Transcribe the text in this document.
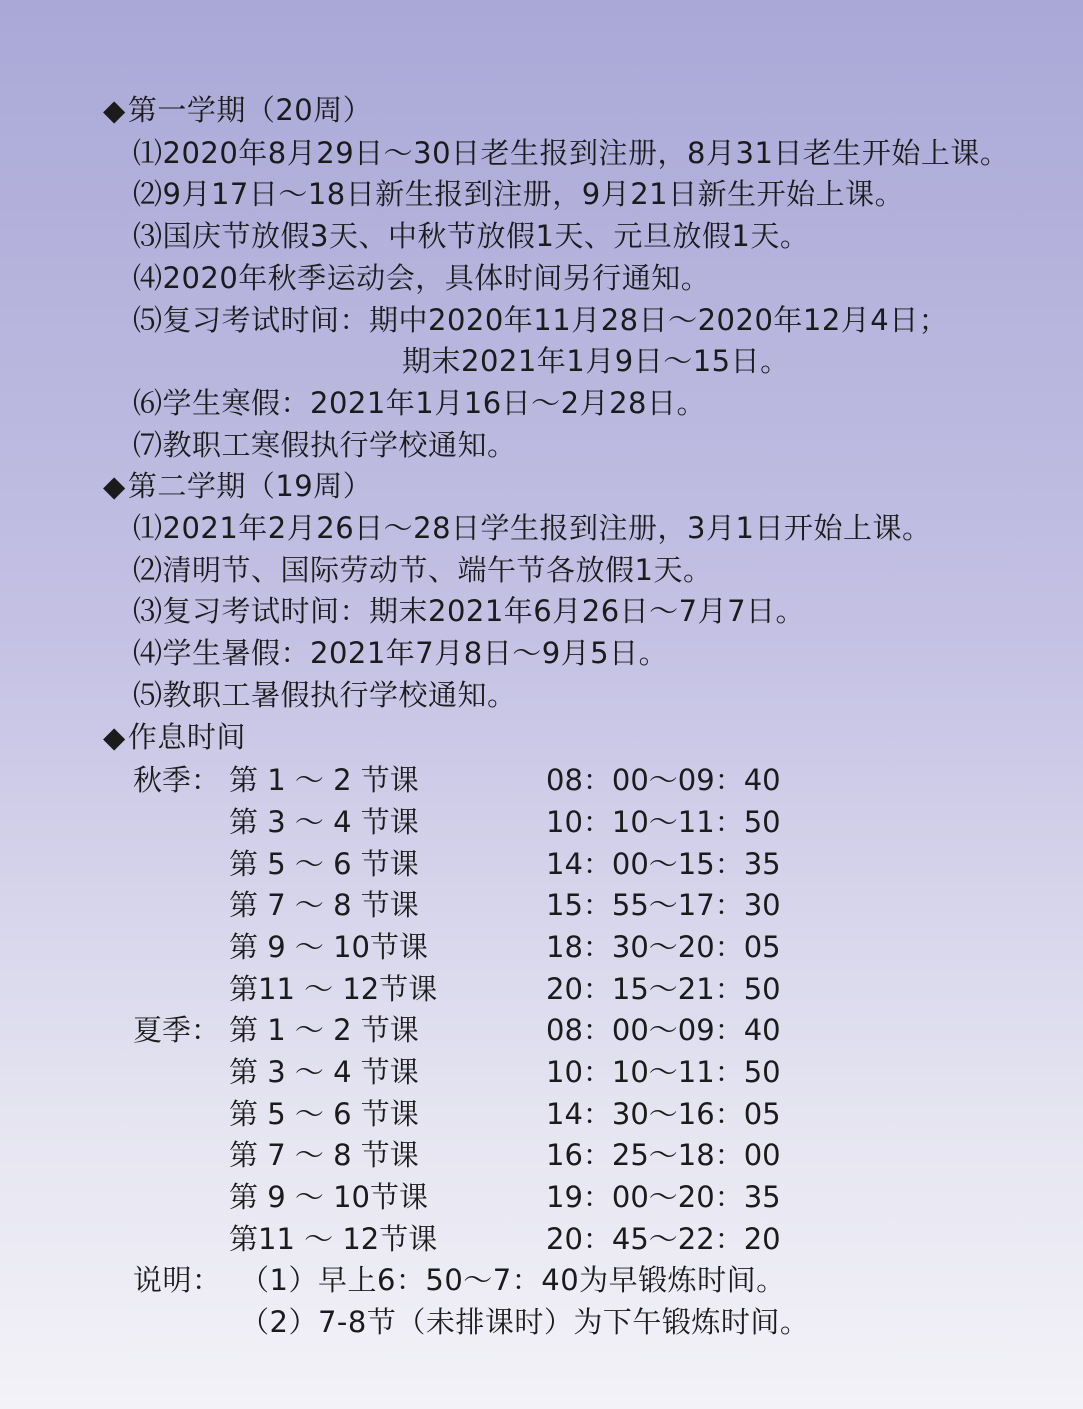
◆第一学期（20周）
⑴2020年8月29日～30日老生报到注册，8月31日老生开始上课。
⑵9月17日～18日新生报到注册，9月21日新生开始上课。
⑶国庆节放假3天、中秋节放假1天、元旦放假1天。
⑷2020年秋季运动会，具体时间另行通知。
⑸复习考试时间：期中2020年11月28日～2020年12月4日；
期末2021年1月9日～15日。
⑹学生寒假：2021年1月16日～2月28日。
⑺教职工寒假执行学校通知。
◆第二学期（19周）
⑴2021年2月26日～28日学生报到注册，3月1日开始上课。
⑵清明节、国际劳动节、端午节各放假1天。
⑶复习考试时间：期末2021年6月26日～7月7日。
⑷学生暑假：2021年7月8日～9月5日。
⑸教职工暑假执行学校通知。
◆作息时间
秋季： 第 1 ～ 2 节课	08：00～09：40
第 3 ～ 4 节课	10：10～11：50
第 5 ～ 6 节课	14：00～15：35
第 7 ～ 8 节课	15：55～17：30
第 9 ～ 10节课	18：30～20：05
第11 ～ 12节课	20：15～21：50
夏季： 第 1 ～ 2 节课	08：00～09：40
第 3 ～ 4 节课	10：10～11：50
第 5 ～ 6 节课	14：30～16：05
第 7 ～ 8 节课	16：25～18：00
第 9 ～ 10节课	19：00～20：35
第11 ～ 12节课	20：45～22：20
说明： （1）早上6：50～7：40为早锻炼时间。
（2）7-8节（未排课时）为下午锻炼时间。
